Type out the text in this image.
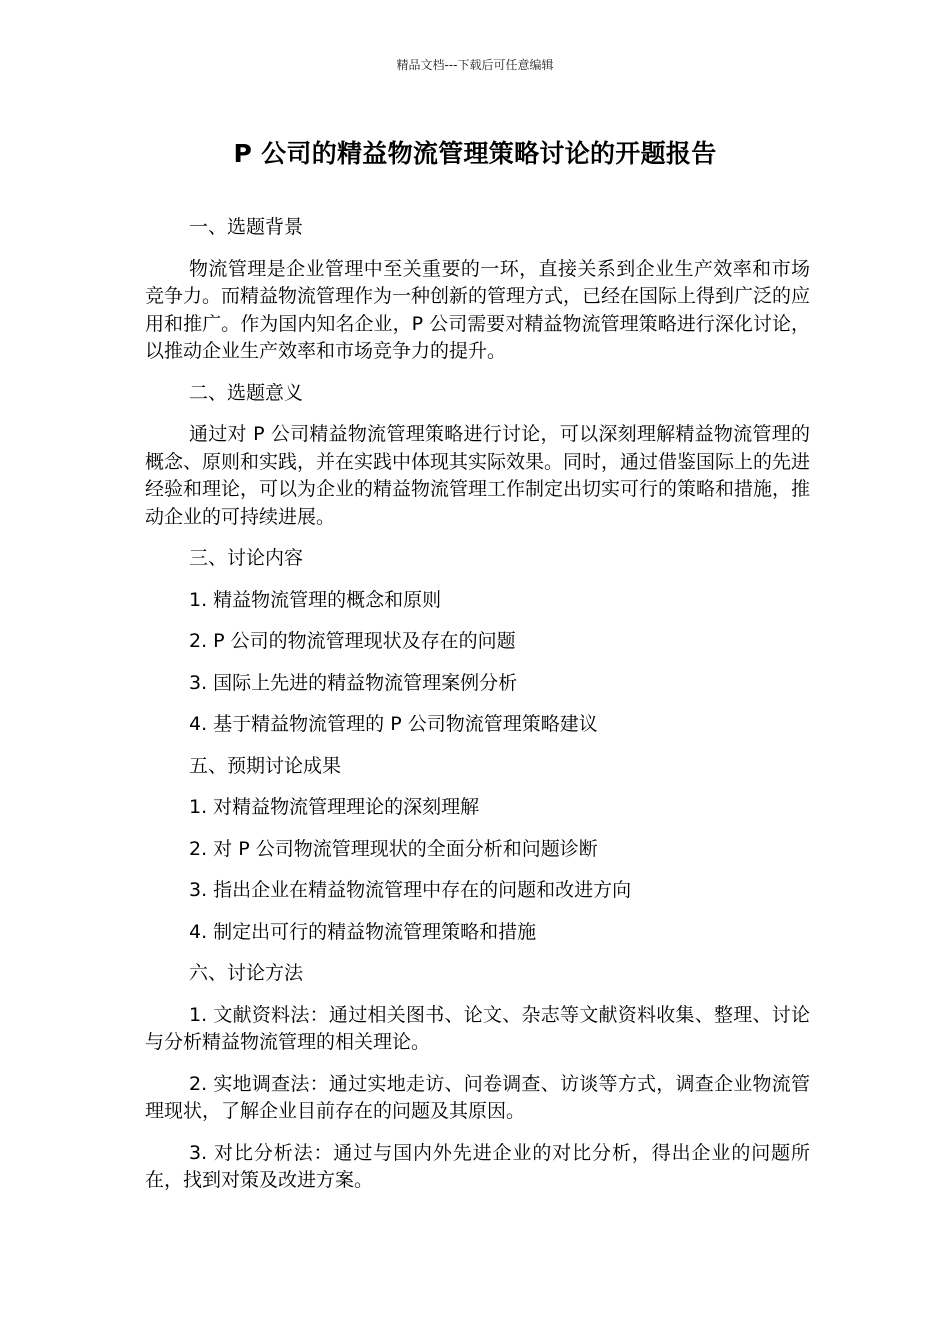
精品文档---下载后可任意编辑
P 公司的精益物流管理策略讨论的开题报告

一、选题背景

物流管理是企业管理中至关重要的一环，直接关系到企业生产效率和市场竞争力。而精益物流管理作为一种创新的管理方式，已经在国际上得到广泛的应用和推广。作为国内知名企业，P 公司需要对精益物流管理策略进行深化讨论，以推动企业生产效率和市场竞争力的提升。

二、选题意义

通过对 P 公司精益物流管理策略进行讨论，可以深刻理解精益物流管理的概念、原则和实践，并在实践中体现其实际效果。同时，通过借鉴国际上的先进经验和理论，可以为企业的精益物流管理工作制定出切实可行的策略和措施，推动企业的可持续进展。

三、讨论内容

1. 精益物流管理的概念和原则

2. P 公司的物流管理现状及存在的问题

3. 国际上先进的精益物流管理案例分析

4. 基于精益物流管理的 P 公司物流管理策略建议

五、预期讨论成果

1. 对精益物流管理理论的深刻理解

2. 对 P 公司物流管理现状的全面分析和问题诊断

3. 指出企业在精益物流管理中存在的问题和改进方向

4. 制定出可行的精益物流管理策略和措施

六、讨论方法

1. 文献资料法：通过相关图书、论文、杂志等文献资料收集、整理、讨论与分析精益物流管理的相关理论。

2. 实地调查法：通过实地走访、问卷调查、访谈等方式，调查企业物流管理现状，了解企业目前存在的问题及其原因。

3. 对比分析法：通过与国内外先进企业的对比分析，得出企业的问题所在，找到对策及改进方案。
